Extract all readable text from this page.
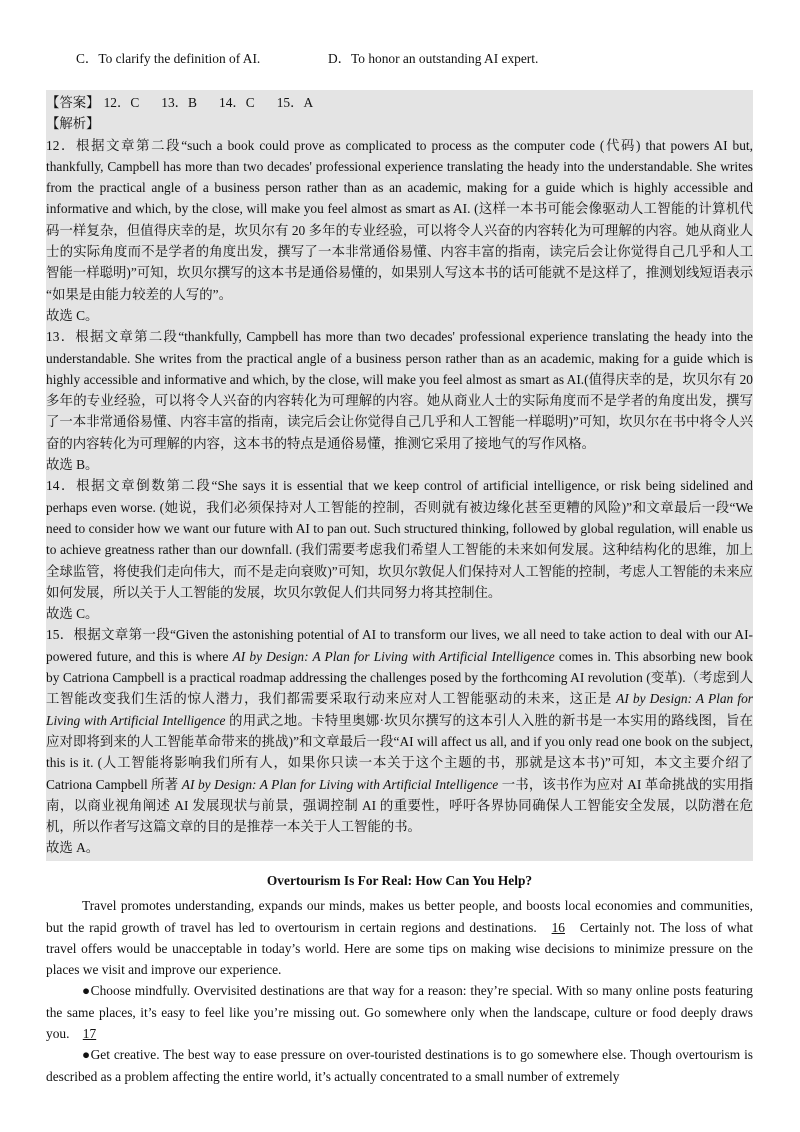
C．To clarify the definition of AI.	D．To honor an outstanding AI expert.

【答案】 12．C 13．B 14．C 15．A

【解析】

12．根据文章第二段“such a book could prove as complicated to process as the computer code (代码) that powers AI but, thankfully, Campbell has more than two decades' professional experience translating the heady into the understandable. She writes from the practical angle of a business person rather than as an academic, making for a guide which is highly accessible and informative and which, by the close, will make you feel almost as smart as AI. (这样一本书可能会像驱动人工智能的计算机代码一样复杂，但值得庆幸的是，坎贝尔有 20 多年的专业经验，可以将令人兴奋的内容转化为可理解的内容。她从商业人士的实际角度而不是学者的角度出发，撰写了一本非常通俗易懂、内容丰富的指南，读完后会让你觉得自己几乎和人工智能一样聪明)”可知，坎贝尔撰写的这本书是通俗易懂的，如果别人写这本书的话可能就不是这样了，推测划线短语表示 “如果是由能力较差的人写的”。

故选 C。

13．根据文章第二段“thankfully, Campbell has more than two decades' professional experience translating the heady into the understandable. She writes from the practical angle of a business person rather than as an academic, making for a guide which is highly accessible and informative and which, by the close, will make you feel almost as smart as AI.(值得庆幸的是，坎贝尔有 20 多年的专业经验，可以将令人兴奋的内容转化为可理解的内容。她从商业人士的实际角度而不是学者的角度出发，撰写了一本非常通俗易懂、内容丰富的指南，读完后会让你觉得自己几乎和人工智能一样聪明)”可知，坎贝尔在书中将令人兴奋的内容转化为可理解的内容，这本书的特点是通俗易懂，推测它采用了接地气的写作风格。

故选 B。

14．根据文章倒数第二段“She says it is essential that we keep control of artificial intelligence, or risk being sidelined and perhaps even worse. (她说，我们必须保持对人工智能的控制，否则就有被边缘化甚至更糟的风险)”和文章最后一段“We need to consider how we want our future with AI to pan out. Such structured thinking, followed by global regulation, will enable us to achieve greatness rather than our downfall. (我们需要考虑我们希望人工智能的未来如何发展。这种结构化的思维，加上全球监管，将使我们走向伟大，而不是走向衰败)”可知，坎贝尔敦促人们保持对人工智能的控制，考虑人工智能的未来应如何发展，所以关于人工智能的发展，坎贝尔敦促人们共同努力将其控制住。

故选 C。

15．根据文章第一段“Given the astonishing potential of AI to transform our lives, we all need to take action to deal with our AI-powered future, and this is where AI by Design: A Plan for Living with Artificial Intelligence comes in. This absorbing new book by Catriona Campbell is a practical roadmap addressing the challenges posed by the forthcoming AI revolution (变革).（考虑到人工智能改变我们生活的惊人潜力，我们都需要采取行动来应对人工智能驱动的未来，这正是 AI by Design: A Plan for Living with Artificial Intelligence 的用武之地。卡特里奥娜·坎贝尔撰写的这本引人入胜的新书是一本实用的路线图，旨在应对即将到来的人工智能革命带来的挑战)”和文章最后一段“AI will affect us all, and if you only read one book on the subject, this is it. (人工智能将影响我们所有人，如果你只读一本关于这个主题的书，那就是这本书)”可知，本文主要介绍了 Catriona Campbell 所著 AI by Design: A Plan for Living with Artificial Intelligence 一书，该书作为应对 AI 革命挑战的实用指南，以商业视角阐述 AI 发展现状与前景，强调控制 AI 的重要性，呼吁各界协同确保人工智能安全发展，以防潜在危机，所以作者写这篇文章的目的是推荐一本关于人工智能的书。

故选 A。

Overtourism Is For Real: How Can You Help?

Travel promotes understanding, expands our minds, makes us better people, and boosts local economies and communities, but the rapid growth of travel has led to overtourism in certain regions and destinations. 16 Certainly not. The loss of what travel offers would be unacceptable in today’s world. Here are some tips on making wise decisions to minimize pressure on the places we visit and improve our experience.

● Choose mindfully. Overvisited destinations are that way for a reason: they’re special. With so many online posts featuring the same places, it’s easy to feel like you’re missing out. Go somewhere only when the landscape, culture or food deeply draws you. 17

● Get creative. The best way to ease pressure on over-touristed destinations is to go somewhere else. Though overtourism is described as a problem affecting the entire world, it’s actually concentrated to a small number of extremely
